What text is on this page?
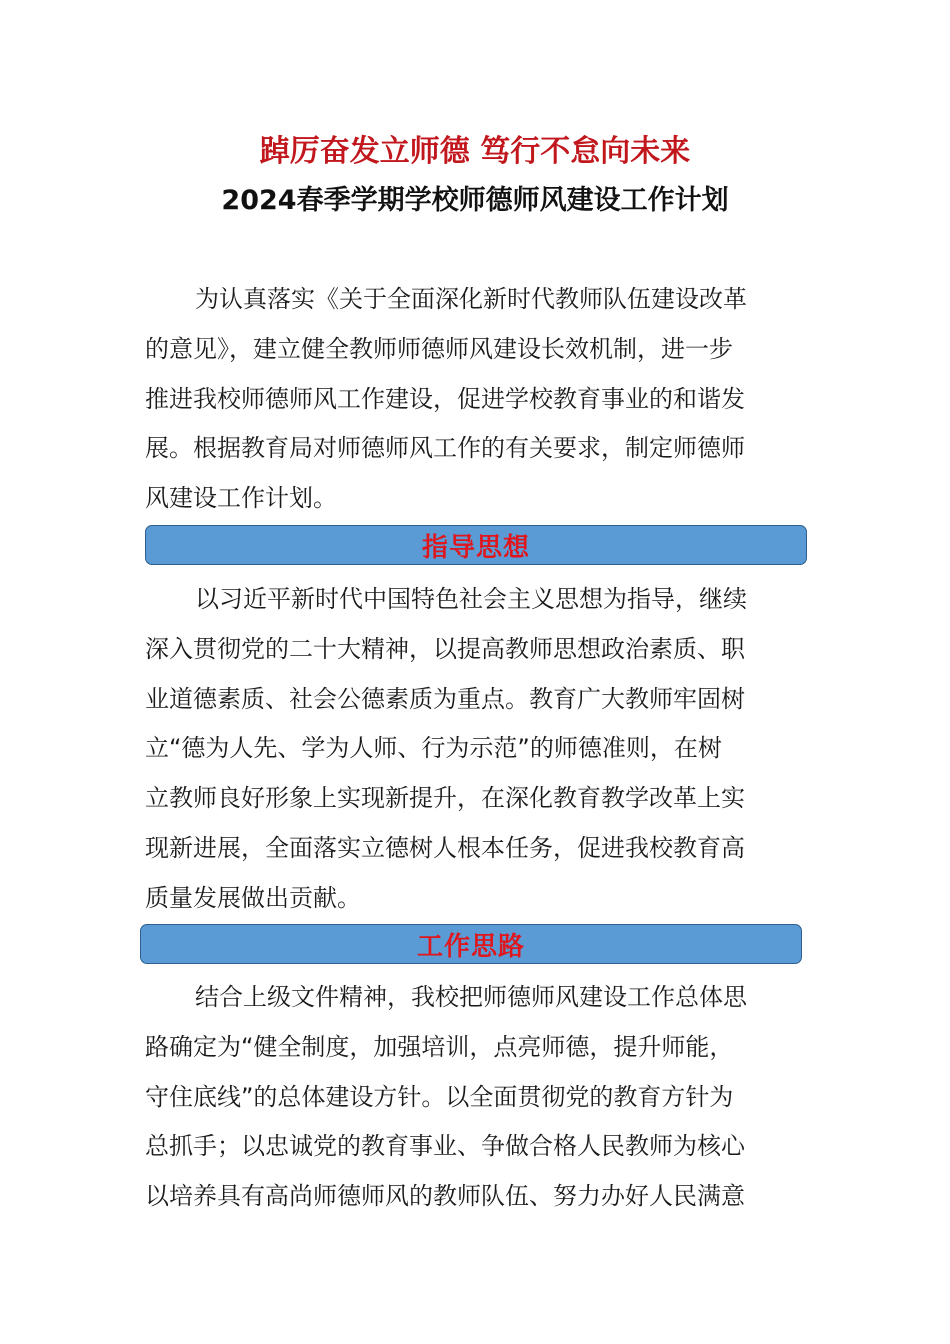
踔厉奋发立师德 笃行不怠向未来
2024春季学期学校师德师风建设工作计划

为认真落实《关于全面深化新时代教师队伍建设改革
的意见》，建立健全教师师德师风建设长效机制，进一步
推进我校师德师风工作建设，促进学校教育事业的和谐发
展。根据教育局对师德师风工作的有关要求，制定师德师
风建设工作计划。

指导思想

以习近平新时代中国特色社会主义思想为指导，继续
深入贯彻党的二十大精神，以提高教师思想政治素质、职
业道德素质、社会公德素质为重点。教育广大教师牢固树
立“德为人先、学为人师、行为示范”的师德准则，在树
立教师良好形象上实现新提升，在深化教育教学改革上实
现新进展，全面落实立德树人根本任务，促进我校教育高
质量发展做出贡献。

工作思路

结合上级文件精神，我校把师德师风建设工作总体思
路确定为“健全制度，加强培训，点亮师德，提升师能，
守住底线”的总体建设方针。以全面贯彻党的教育方针为
总抓手；以忠诚党的教育事业、争做合格人民教师为核心
以培养具有高尚师德师风的教师队伍、努力办好人民满意
